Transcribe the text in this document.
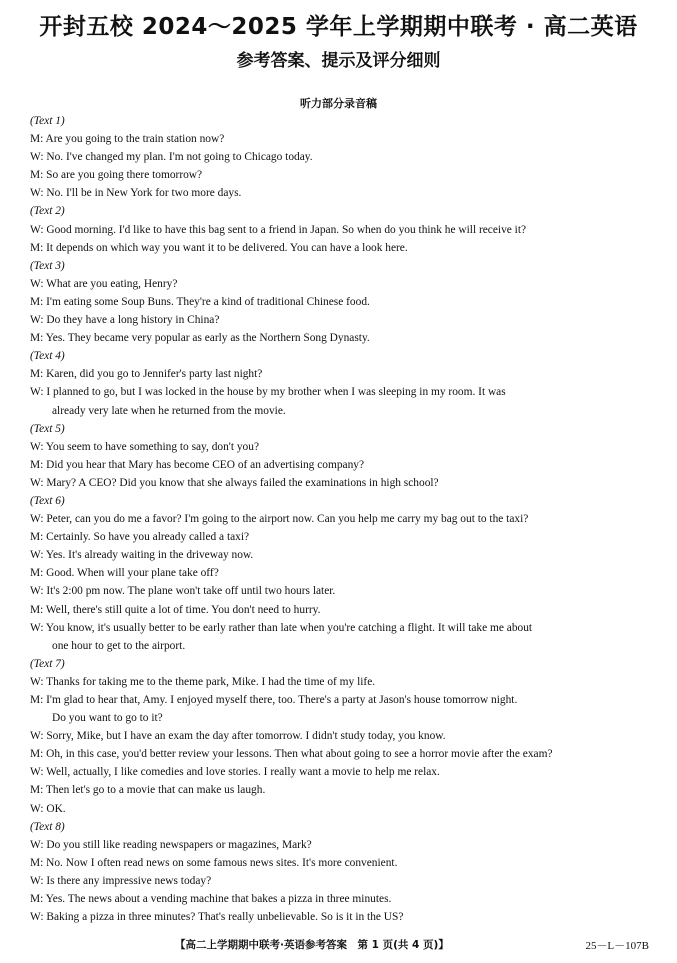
开封五校 2024～2025 学年上学期期中联考 · 高二英语
参考答案、提示及评分细则
听力部分录音稿
(Text 1)
M: Are you going to the train station now?
W: No. I've changed my plan. I'm not going to Chicago today.
M: So are you going there tomorrow?
W: No. I'll be in New York for two more days.
(Text 2)
W: Good morning. I'd like to have this bag sent to a friend in Japan. So when do you think he will receive it?
M: It depends on which way you want it to be delivered. You can have a look here.
(Text 3)
W: What are you eating, Henry?
M: I'm eating some Soup Buns. They're a kind of traditional Chinese food.
W: Do they have a long history in China?
M: Yes. They became very popular as early as the Northern Song Dynasty.
(Text 4)
M: Karen, did you go to Jennifer's party last night?
W: I planned to go, but I was locked in the house by my brother when I was sleeping in my room. It was
already very late when he returned from the movie.
(Text 5)
W: You seem to have something to say, don't you?
M: Did you hear that Mary has become CEO of an advertising company?
W: Mary? A CEO? Did you know that she always failed the examinations in high school?
(Text 6)
W: Peter, can you do me a favor? I'm going to the airport now. Can you help me carry my bag out to the taxi?
M: Certainly. So have you already called a taxi?
W: Yes. It's already waiting in the driveway now.
M: Good. When will your plane take off?
W: It's 2:00 pm now. The plane won't take off until two hours later.
M: Well, there's still quite a lot of time. You don't need to hurry.
W: You know, it's usually better to be early rather than late when you're catching a flight. It will take me about
one hour to get to the airport.
(Text 7)
W: Thanks for taking me to the theme park, Mike. I had the time of my life.
M: I'm glad to hear that, Amy. I enjoyed myself there, too. There's a party at Jason's house tomorrow night.
Do you want to go to it?
W: Sorry, Mike, but I have an exam the day after tomorrow. I didn't study today, you know.
M: Oh, in this case, you'd better review your lessons. Then what about going to see a horror movie after the exam?
W: Well, actually, I like comedies and love stories. I really want a movie to help me relax.
M: Then let's go to a movie that can make us laugh.
W: OK.
(Text 8)
W: Do you still like reading newspapers or magazines, Mark?
M: No. Now I often read news on some famous news sites. It's more convenient.
W: Is there any impressive news today?
M: Yes. The news about a vending machine that bakes a pizza in three minutes.
W: Baking a pizza in three minutes? That's really unbelievable. So is it in the US?
【高二上学期期中联考·英语参考答案　第 1 页(共 4 页)】	25－L－107B
